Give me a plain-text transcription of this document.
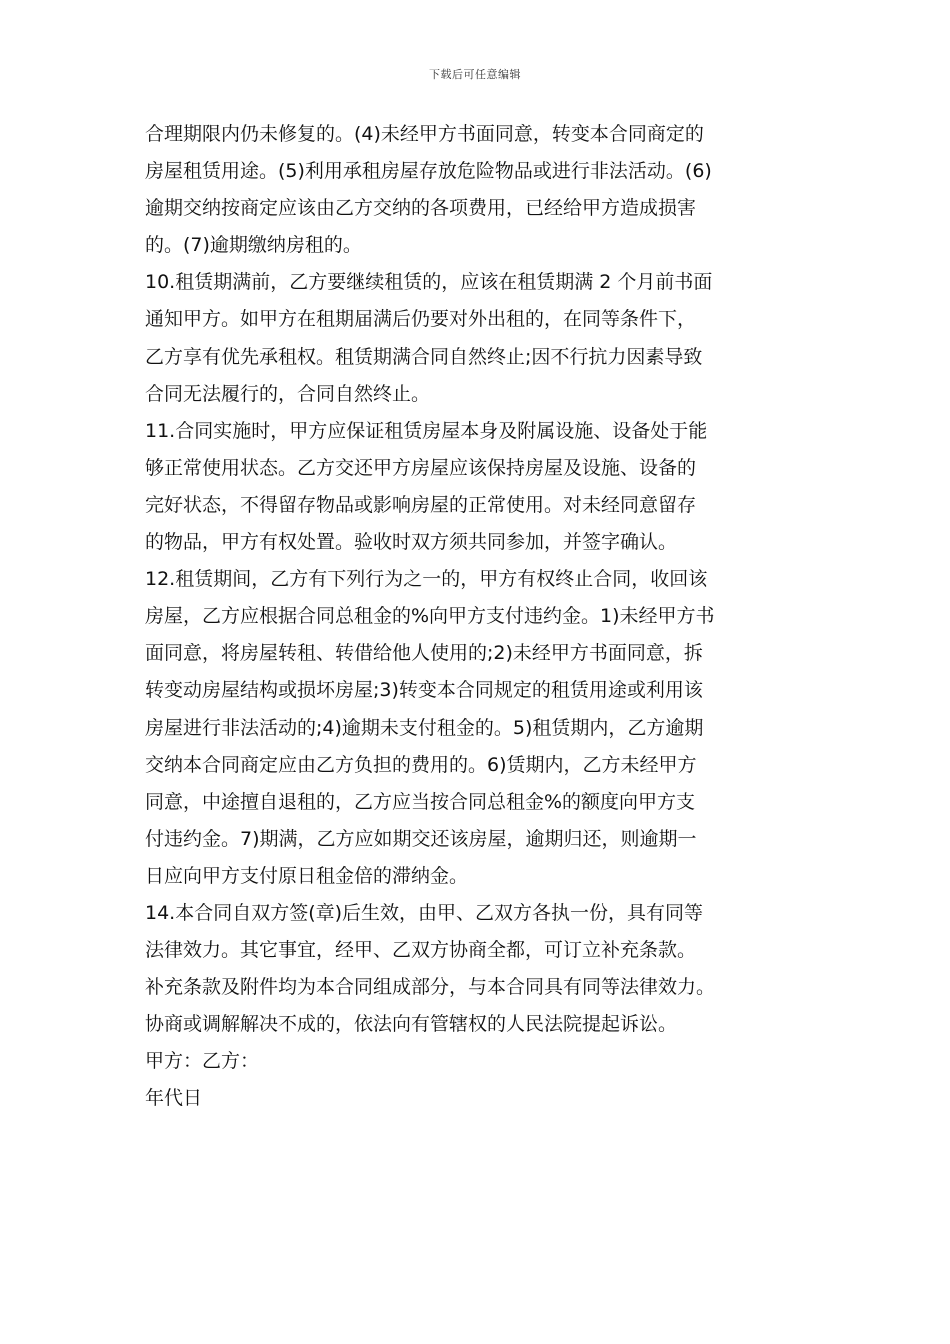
下载后可任意编辑
合理期限内仍未修复的。(4)未经甲方书面同意，转变本合同商定的
房屋租赁用途。(5)利用承租房屋存放危险物品或进行非法活动。(6)
逾期交纳按商定应该由乙方交纳的各项费用，已经给甲方造成损害
的。(7)逾期缴纳房租的。
10.租赁期满前，乙方要继续租赁的，应该在租赁期满 2 个月前书面
通知甲方。如甲方在租期届满后仍要对外出租的，在同等条件下，
乙方享有优先承租权。租赁期满合同自然终止;因不行抗力因素导致
合同无法履行的，合同自然终止。
11.合同实施时，甲方应保证租赁房屋本身及附属设施、设备处于能
够正常使用状态。乙方交还甲方房屋应该保持房屋及设施、设备的
完好状态，不得留存物品或影响房屋的正常使用。对未经同意留存
的物品，甲方有权处置。验收时双方须共同参加，并签字确认。
12.租赁期间，乙方有下列行为之一的，甲方有权终止合同，收回该
房屋，乙方应根据合同总租金的%向甲方支付违约金。1)未经甲方书
面同意，将房屋转租、转借给他人使用的;2)未经甲方书面同意，拆
转变动房屋结构或损坏房屋;3)转变本合同规定的租赁用途或利用该
房屋进行非法活动的;4)逾期未支付租金的。5)租赁期内，乙方逾期
交纳本合同商定应由乙方负担的费用的。6)赁期内，乙方未经甲方
同意，中途擅自退租的，乙方应当按合同总租金%的额度向甲方支
付违约金。7)期满，乙方应如期交还该房屋，逾期归还，则逾期一
日应向甲方支付原日租金倍的滞纳金。
14.本合同自双方签(章)后生效，由甲、乙双方各执一份，具有同等
法律效力。其它事宜，经甲、乙双方协商全都，可订立补充条款。
补充条款及附件均为本合同组成部分，与本合同具有同等法律效力。
协商或调解解决不成的，依法向有管辖权的人民法院提起诉讼。
甲方：乙方：
年代日
